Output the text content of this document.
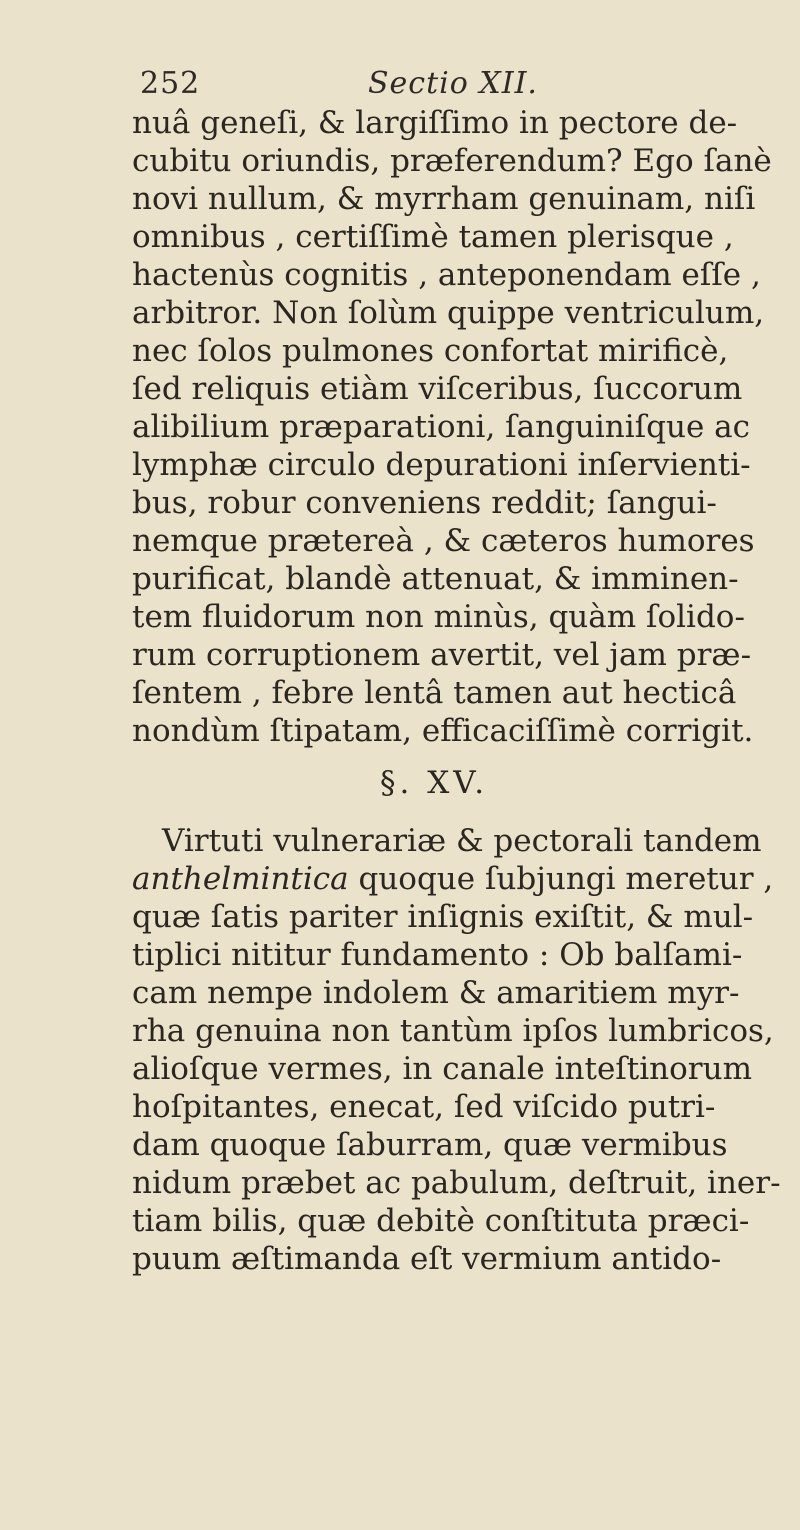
252	Sectio XII.
nuâ geneſi, & largiſſimo in pectore de-
cubitu oriundis, præferendum? Ego ſanè
novi nullum, & myrrham genuinam, niſi
omnibus , certiſſimè tamen plerisque ,
hactenùs cognitis , anteponendam eſſe ,
arbitror. Non ſolùm quippe ventriculum,
nec ſolos pulmones confortat mirificè,
ſed reliquis etiàm viſceribus, ſuccorum
alibilium præparationi, ſanguiniſque ac
lymphæ circulo depurationi inſervienti-
bus, robur conveniens reddit; ſangui-
nemque prætereà , & cæteros humores
purificat, blandè attenuat, & imminen-
tem fluidorum non minùs, quàm ſolido-
rum corruptionem avertit, vel jam præ-
ſentem , febre lentâ tamen aut hecticâ
nondùm ſtipatam, efficaciſſimè corrigit.
§. XV.
Virtuti vulnerariæ & pectorali tandem
anthelmintica quoque ſubjungi meretur ,
quæ ſatis pariter inſignis exiſtit, & mul-
tiplici nititur fundamento : Ob balſami-
cam nempe indolem & amaritiem myr-
rha genuina non tantùm ipſos lumbricos,
alioſque vermes, in canale inteſtinorum
hoſpitantes, enecat, ſed viſcido putri-
dam quoque ſaburram, quæ vermibus
nidum præbet ac pabulum, deſtruit, iner-
tiam bilis, quæ debitè conſtituta præci-
puum æſtimanda eſt vermium antido-
